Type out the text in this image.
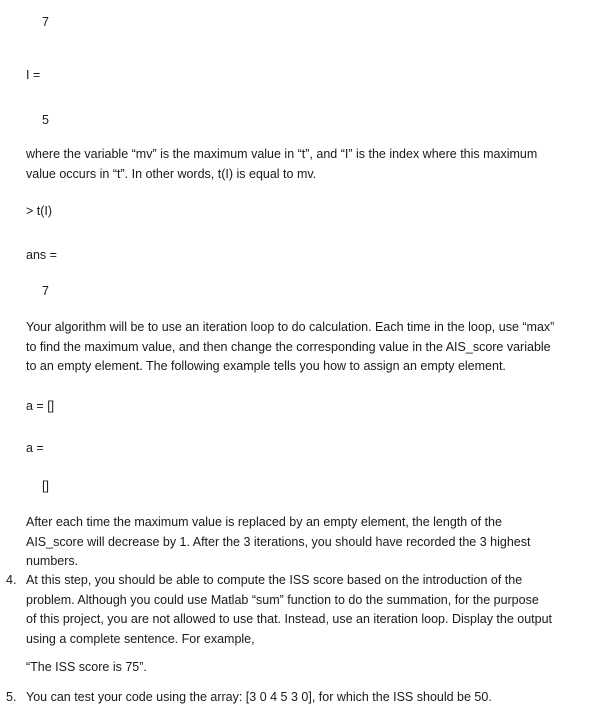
7
I =
5
where the variable “mv” is the maximum value in “t”, and “I” is the index where this maximum
value occurs in “t”. In other words, t(I) is equal to mv.
> t(I)
ans =
7
Your algorithm will be to use an iteration loop to do calculation. Each time in the loop, use “max”
to find the maximum value, and then change the corresponding value in the AIS_score variable
to an empty element. The following example tells you how to assign an empty element.
a = []
a =
[]
After each time the maximum value is replaced by an empty element, the length of the
AIS_score will decrease by 1. After the 3 iterations, you should have recorded the 3 highest
numbers.
4. At this step, you should be able to compute the ISS score based on the introduction of the
problem. Although you could use Matlab “sum” function to do the summation, for the purpose
of this project, you are not allowed to use that. Instead, use an iteration loop. Display the output
using a complete sentence. For example,
“The ISS score is 75”.
5. You can test your code using the array: [3 0 4 5 3 0], for which the ISS should be 50.
